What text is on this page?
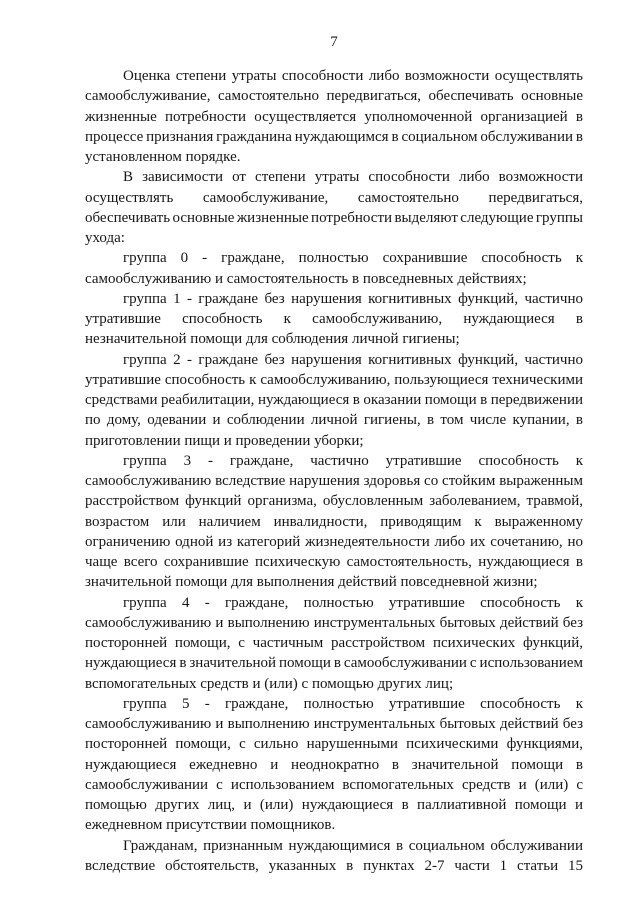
7
Оценка степени утраты способности либо возможности осуществлять
самообслуживание, самостоятельно передвигаться, обеспечивать основные
жизненные потребности осуществляется уполномоченной организацией в
процессе признания гражданина нуждающимся в социальном обслуживании в
установленном порядке.
В зависимости от степени утраты способности либо возможности
осуществлять самообслуживание, самостоятельно передвигаться,
обеспечивать основные жизненные потребности выделяют следующие группы
ухода:
группа 0 - граждане, полностью сохранившие способность к
самообслуживанию и самостоятельность в повседневных действиях;
группа 1 - граждане без нарушения когнитивных функций, частично
утратившие способность к самообслуживанию, нуждающиеся в
незначительной помощи для соблюдения личной гигиены;
группа 2 - граждане без нарушения когнитивных функций, частично
утратившие способность к самообслуживанию, пользующиеся техническими
средствами реабилитации, нуждающиеся в оказании помощи в передвижении
по дому, одевании и соблюдении личной гигиены, в том числе купании, в
приготовлении пищи и проведении уборки;
группа 3 - граждане, частично утратившие способность к
самообслуживанию вследствие нарушения здоровья со стойким выраженным
расстройством функций организма, обусловленным заболеванием, травмой,
возрастом или наличием инвалидности, приводящим к выраженному
ограничению одной из категорий жизнедеятельности либо их сочетанию, но
чаще всего сохранившие психическую самостоятельность, нуждающиеся в
значительной помощи для выполнения действий повседневной жизни;
группа 4 - граждане, полностью утратившие способность к
самообслуживанию и выполнению инструментальных бытовых действий без
посторонней помощи, с частичным расстройством психических функций,
нуждающиеся в значительной помощи в самообслуживании с использованием
вспомогательных средств и (или) с помощью других лиц;
группа 5 - граждане, полностью утратившие способность к
самообслуживанию и выполнению инструментальных бытовых действий без
посторонней помощи, с сильно нарушенными психическими функциями,
нуждающиеся ежедневно и неоднократно в значительной помощи в
самообслуживании с использованием вспомогательных средств и (или) с
помощью других лиц, и (или) нуждающиеся в паллиативной помощи и
ежедневном присутствии помощников.
Гражданам, признанным нуждающимися в социальном обслуживании
вследствие обстоятельств, указанных в пунктах 2-7 части 1 статьи 15
